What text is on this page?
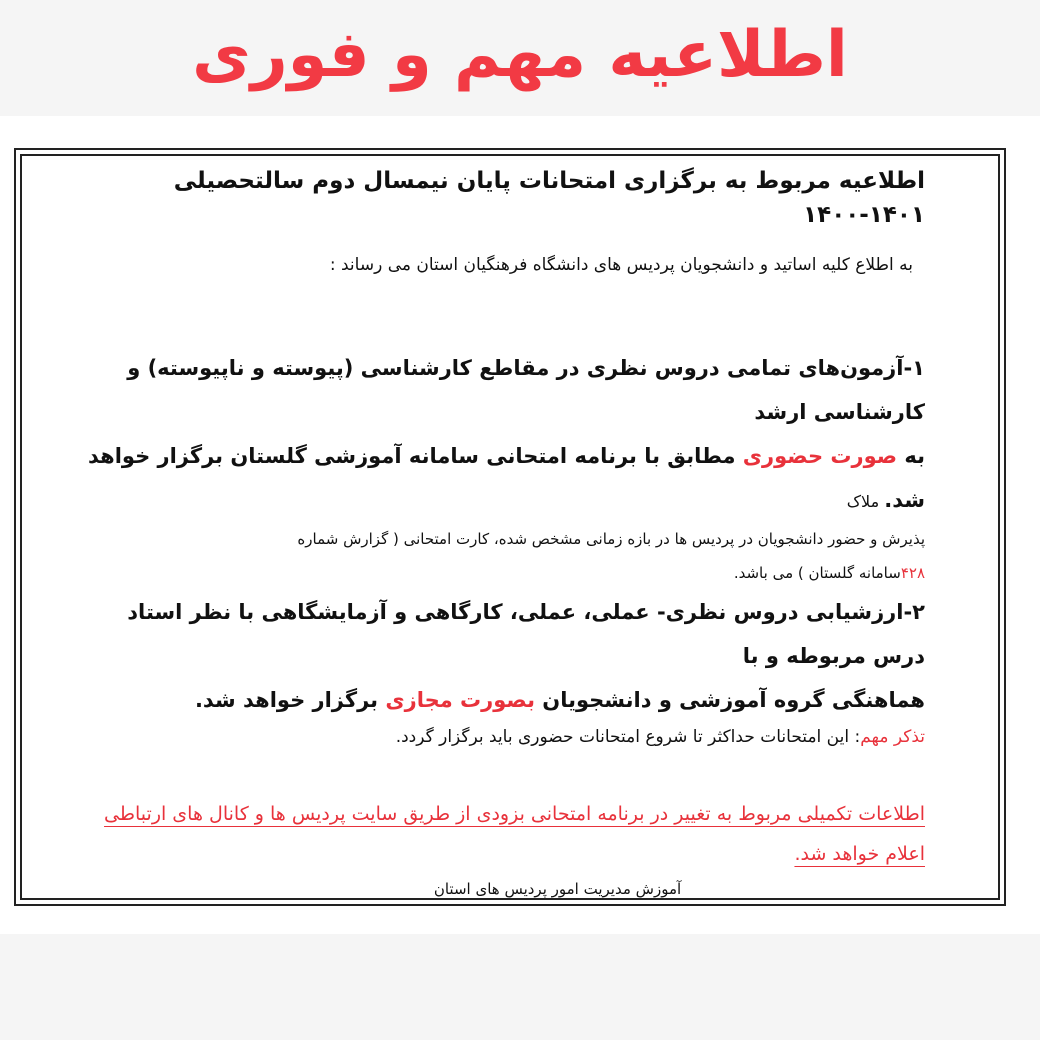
اطلاعیه مهم و فوری
اطلاعیه مربوط به برگزاری امتحانات پایان نیمسال دوم سالتحصیلی ۱۴۰۱-۱۴۰۰
به اطلاع کلیه اساتید و دانشجویان پردیس های دانشگاه فرهنگیان استان می رساند :
۱-آزمون‌های تمامی دروس نظری در مقاطع کارشناسی (پیوسته و ناپیوسته) و کارشناسی ارشد
به صورت حضوری مطابق با برنامه امتحانی سامانه آموزشی گلستان برگزار خواهد شد. ملاک
پذیرش و حضور دانشجویان در پردیس ها در بازه زمانی مشخص شده، کارت امتحانی ( گزارش شماره
۴۲۸سامانه گلستان ) می باشد.
۲-ارزشیابی دروس نظری- عملی، عملی، کارگاهی و آزمایشگاهی با نظر استاد درس مربوطه و با
هماهنگی گروه آموزشی و دانشجویان بصورت مجازی برگزار خواهد شد.
تذکر مهم: این امتحانات حداکثر تا شروع امتحانات حضوری باید برگزار گردد.
اطلاعات تکمیلی مربوط به تغییر در برنامه امتحانی بزودی از طریق سایت پردیس ها و کانال های ارتباطی
اعلام خواهد شد.
آموزش مدیریت امور پردیس های استان
